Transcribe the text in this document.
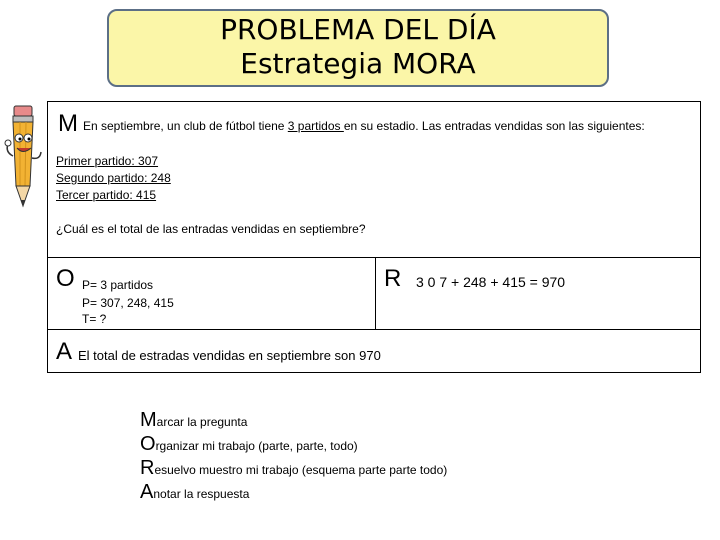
PROBLEMA DEL DÍA
Estrategia MORA
M En septiembre, un club de fútbol tiene 3 partidos en su estadio. Las entradas vendidas son las siguientes:
Primer partido: 307
Segundo partido: 248
Tercer partido: 415
¿Cuál es el total de las entradas vendidas en septiembre?
O P= 3 partidos
P= 307, 248, 415
T= ?
R 3 0 7 + 248 + 415 = 970
A El total de estradas vendidas en septiembre son 970
Marcar la pregunta
Organizar mi trabajo (parte, parte, todo)
Resuelvo muestro mi trabajo (esquema parte parte todo)
Anotar la respuesta
